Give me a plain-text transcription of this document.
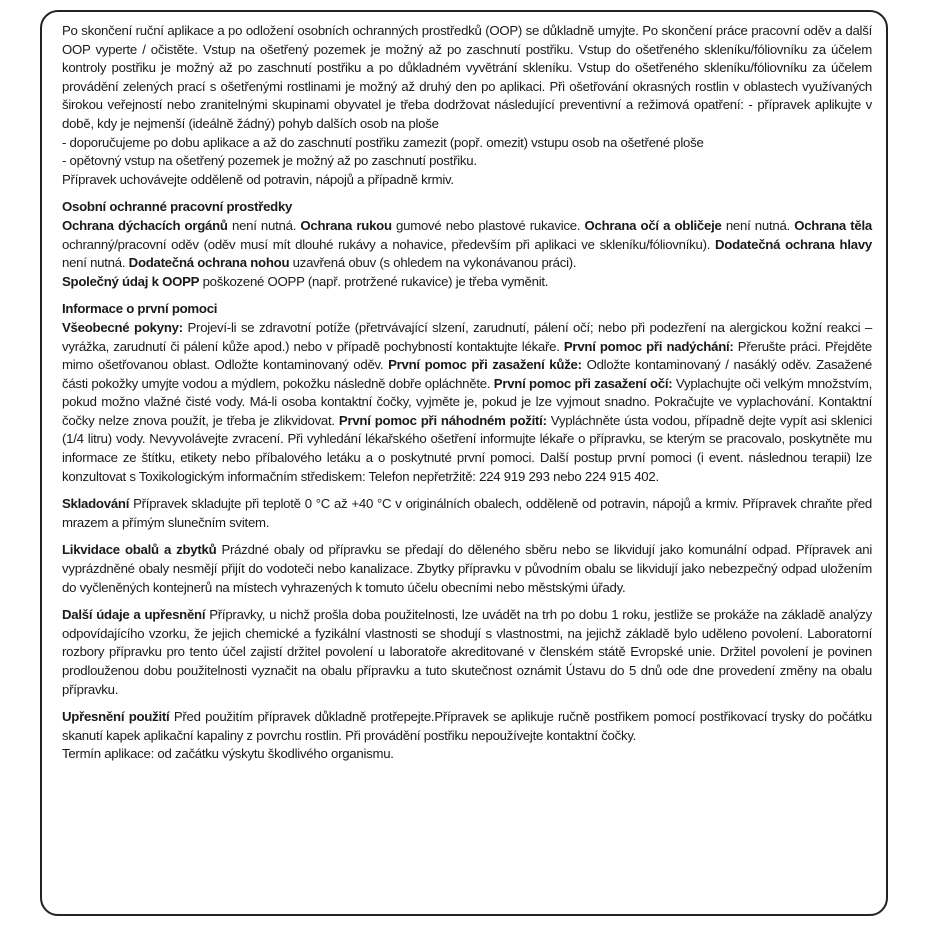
Po skončení ruční aplikace a po odložení osobních ochranných prostředků (OOP) se důkladně umyjte. Po skončení práce pracovní oděv a další OOP vyperte / očistěte. Vstup na ošetřený pozemek je možný až po zaschnutí postřiku. Vstup do ošetřeného skleníku/fóliovníku za účelem kontroly postřiku je možný až po zaschnutí postřiku a po důkladném vyvětrání skleníku. Vstup do ošetřeného skleníku/fóliovníku za účelem provádění zelených prací s ošetřenými rostlinami je možný až druhý den po aplikaci. Při ošetřování okrasných rostlin v oblastech využívaných širokou veřejností nebo zranitelnými skupinami obyvatel je třeba dodržovat následující preventivní a režimová opatření: - přípravek aplikujte v době, kdy je nejmenší (ideálně žádný) pohyb dalších osob na ploše

- doporučujeme po dobu aplikace a až do zaschnutí postřiku zamezit (popř. omezit) vstupu osob na ošetřené ploše

- opětovný vstup na ošetřený pozemek je možný až po zaschnutí postřiku.

Přípravek uchovávejte odděleně od potravin, nápojů a případně krmiv.

Osobní ochranné pracovní prostředky

Ochrana dýchacích orgánů není nutná. Ochrana rukou gumové nebo plastové rukavice. Ochrana očí a obličeje není nutná. Ochrana těla ochranný/pracovní oděv (oděv musí mít dlouhé rukávy a nohavice, především při aplikaci ve skleníku/fóliovníku). Dodatečná ochrana hlavy není nutná. Dodatečná ochrana nohou uzavřená obuv (s ohledem na vykonávanou práci).

Společný údaj k OOPP poškozené OOPP (např. protržené rukavice) je třeba vyměnit.

Informace o první pomoci

Všeobecné pokyny: Projeví-li se zdravotní potíže (přetrvávající slzení, zarudnutí, pálení očí; nebo při podezření na alergickou kožní reakci – vyrážka, zarudnutí či pálení kůže apod.) nebo v případě pochybností kontaktujte lékaře. První pomoc při nadýchání: Přerušte práci. Přejděte mimo ošetřovanou oblast. Odložte kontaminovaný oděv. První pomoc při zasažení kůže: Odložte kontaminovaný / nasáklý oděv. Zasažené části pokožky umyjte vodou a mýdlem, pokožku následně dobře opláchněte. První pomoc při zasažení očí: Vyplachujte oči velkým množstvím, pokud možno vlažné čisté vody. Má-li osoba kontaktní čočky, vyjměte je, pokud je lze vyjmout snadno. Pokračujte ve vyplachování. Kontaktní čočky nelze znova použít, je třeba je zlikvidovat. První pomoc při náhodném požití: Vypláchněte ústa vodou, případně dejte vypít asi sklenici (1/4 litru) vody. Nevyvolávejte zvracení. Při vyhledání lékařského ošetření informujte lékaře o přípravku, se kterým se pracovalo, poskytněte mu informace ze štítku, etikety nebo příbalového letáku a o poskytnuté první pomoci. Další postup první pomoci (i event. následnou terapii) lze konzultovat s Toxikologickým informačním střediskem: Telefon nepřetržitě: 224 919 293 nebo 224 915 402.

Skladování Přípravek skladujte při teplotě 0 °C až +40 °C v originálních obalech, odděleně od potravin, nápojů a krmiv. Přípravek chraňte před mrazem a přímým slunečním svitem.

Likvidace obalů a zbytků Prázdné obaly od přípravku se předají do děleného sběru nebo se likvidují jako komunální odpad. Přípravek ani vyprázdněné obaly nesmějí přijít do vodoteči nebo kanalizace. Zbytky přípravku v původním obalu se likvidují jako nebezpečný odpad uložením do vyčleněných kontejnerů na místech vyhrazených k tomuto účelu obecními nebo městskými úřady.

Další údaje a upřesnění Přípravky, u nichž prošla doba použitelnosti, lze uvádět na trh po dobu 1 roku, jestliže se prokáže na základě analýzy odpovídajícího vzorku, že jejich chemické a fyzikální vlastnosti se shodují s vlastnostmi, na jejichž základě bylo uděleno povolení. Laboratorní rozbory přípravku pro tento účel zajistí držitel povolení u laboratoře akreditované v členském státě Evropské unie. Držitel povolení je povinen prodlouženou dobu použitelnosti vyznačit na obalu přípravku a tuto skutečnost oznámit Ústavu do 5 dnů ode dne provedení změny na obalu přípravku.

Upřesnění použití Před použitím přípravek důkladně protřepejte.Přípravek se aplikuje ručně postřikem pomocí postřikovací trysky do počátku skanutí kapek aplikační kapaliny z povrchu rostlin. Při provádění postřiku nepoužívejte kontaktní čočky.

Termín aplikace: od začátku výskytu škodlivého organismu.
